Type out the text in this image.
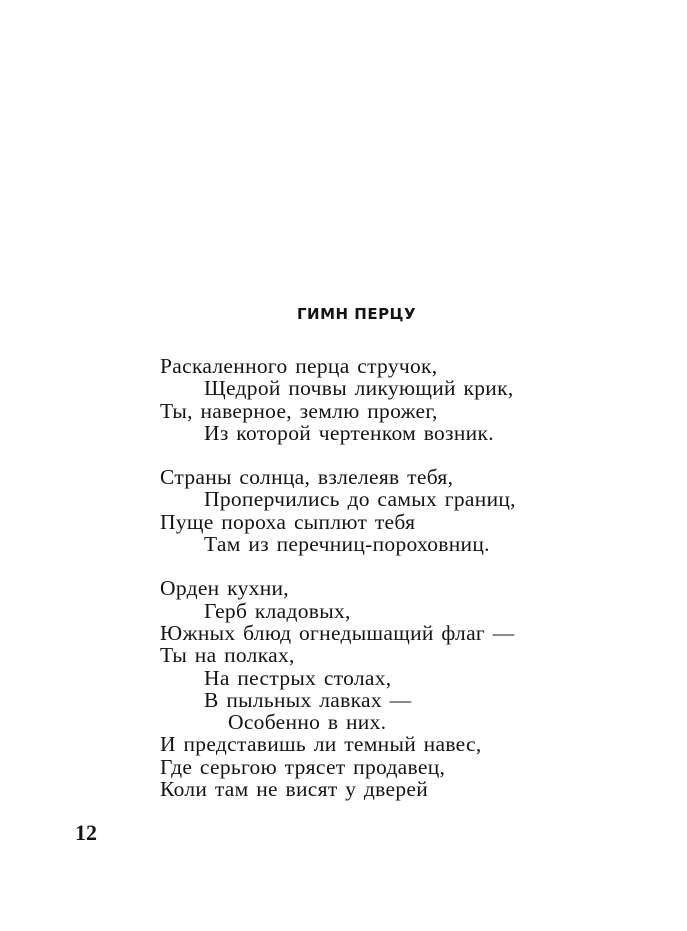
ГИМН ПЕРЦУ
Раскаленного перца стручок,
Щедрой почвы ликующий крик,
Ты, наверное, землю прожег,
Из которой чертенком возник.
Страны солнца, взлелеяв тебя,
Проперчились до самых границ,
Пуще пороха сыплют тебя
Там из перечниц-пороховниц.
Орден кухни,
Герб кладовых,
Южных блюд огнедышащий флаг —
Ты на полках,
На пестрых столах,
В пыльных лавках —
Особенно в них.
И представишь ли темный навес,
Где серьгою трясет продавец,
Коли там не висят у дверей
12
